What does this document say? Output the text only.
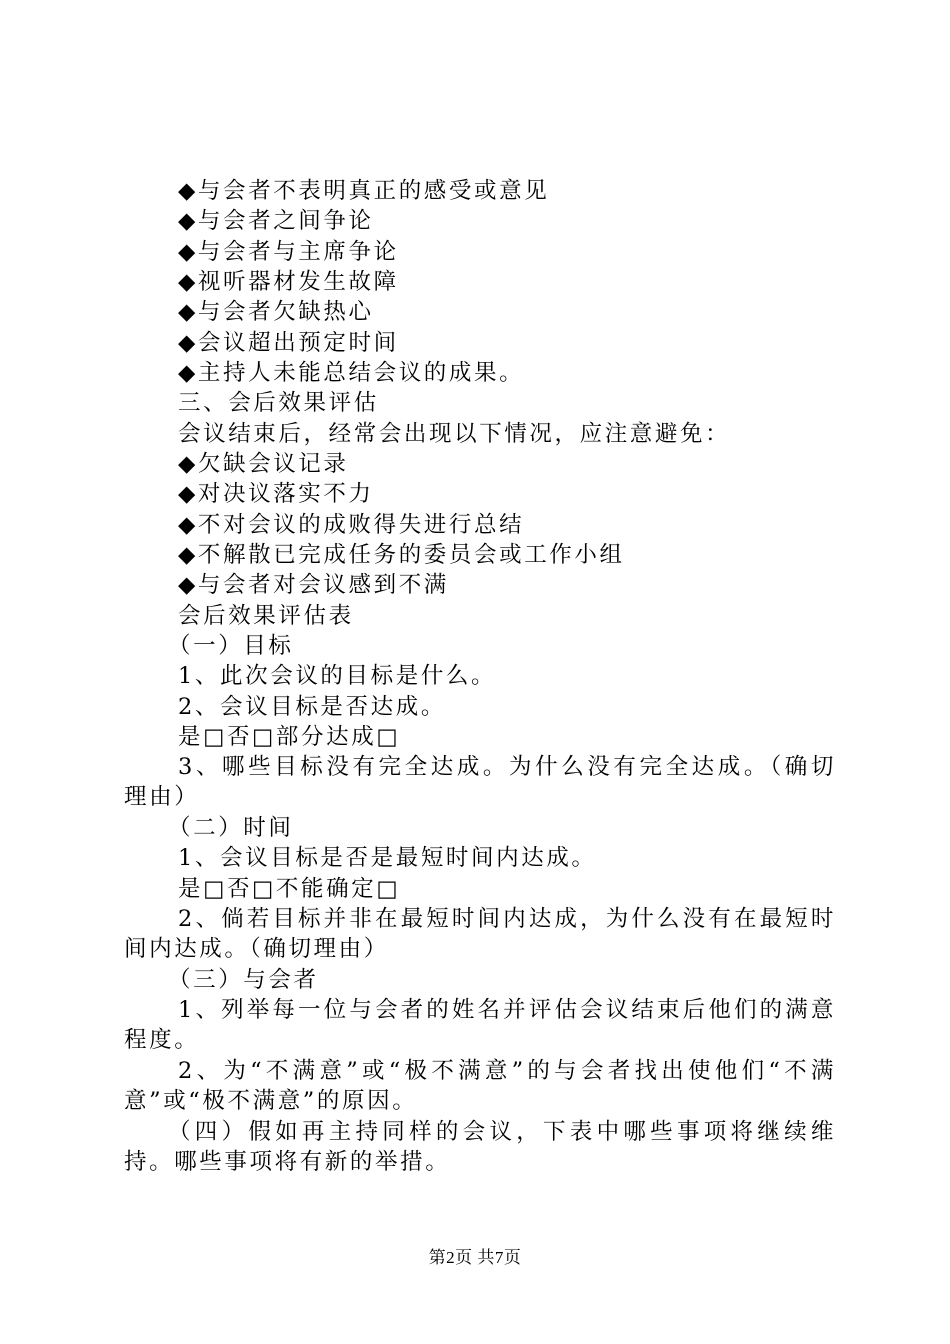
◆与会者不表明真正的感受或意见
◆与会者之间争论
◆与会者与主席争论
◆视听器材发生故障
◆与会者欠缺热心
◆会议超出预定时间
◆主持人未能总结会议的成果。
三、会后效果评估
会议结束后，经常会出现以下情况，应注意避免：
◆欠缺会议记录
◆对决议落实不力
◆不对会议的成败得失进行总结
◆不解散已完成任务的委员会或工作小组
◆与会者对会议感到不满
会后效果评估表
（一）目标
1、此次会议的目标是什么。
2、会议目标是否达成。
是□否□部分达成□
3、哪些目标没有完全达成。为什么没有完全达成。（确切理由）
（二）时间
1、会议目标是否是最短时间内达成。
是□否□不能确定□
2、倘若目标并非在最短时间内达成，为什么没有在最短时间内达成。（确切理由）
（三）与会者
1、列举每一位与会者的姓名并评估会议结束后他们的满意程度。
2、为“不满意”或“极不满意”的与会者找出使他们“不满意”或“极不满意”的原因。
（四）假如再主持同样的会议，下表中哪些事项将继续维持。哪些事项将有新的举措。
第2页 共7页
